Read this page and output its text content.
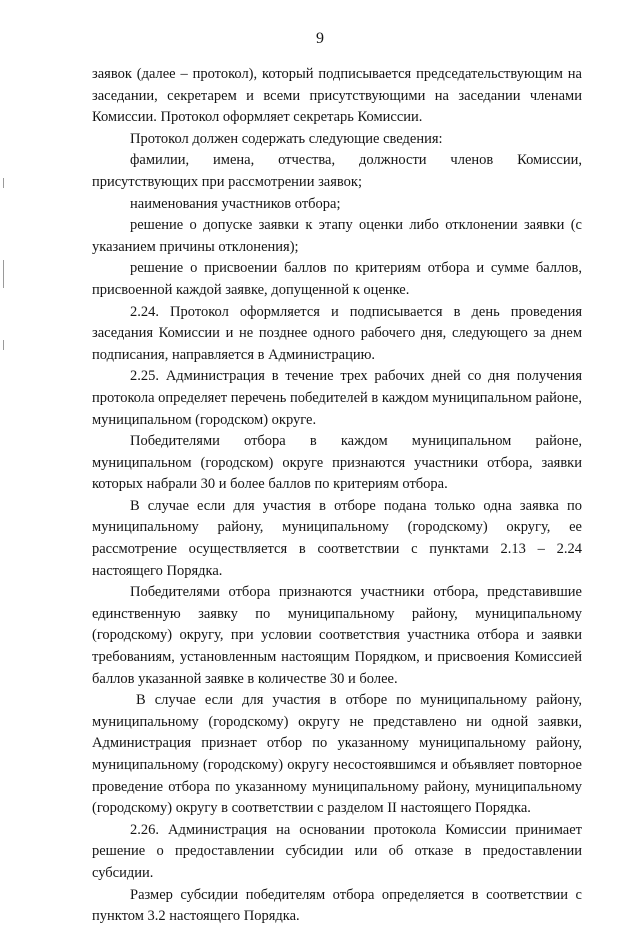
9

заявок (далее – протокол), который подписывается председательствующим на заседании, секретарем и всеми присутствующими на заседании членами Комиссии. Протокол оформляет секретарь Комиссии.

Протокол должен содержать следующие сведения:

фамилии, имена, отчества, должности членов Комиссии, присутствующих при рассмотрении заявок;

наименования участников отбора;

решение о допуске заявки к этапу оценки либо отклонении заявки (с указанием причины отклонения);

решение о присвоении баллов по критериям отбора и сумме баллов, присвоенной каждой заявке, допущенной к оценке.

2.24. Протокол оформляется и подписывается в день проведения заседания Комиссии и не позднее одного рабочего дня, следующего за днем подписания, направляется в Администрацию.

2.25. Администрация в течение трех рабочих дней со дня получения протокола определяет перечень победителей в каждом муниципальном районе, муниципальном (городском) округе.

Победителями отбора в каждом муниципальном районе, муниципальном (городском) округе признаются участники отбора, заявки которых набрали 30 и более баллов по критериям отбора.

В случае если для участия в отборе подана только одна заявка по муниципальному району, муниципальному (городскому) округу, ее рассмотрение осуществляется в соответствии с пунктами 2.13 – 2.24 настоящего Порядка.

Победителями отбора признаются участники отбора, представившие единственную заявку по муниципальному району, муниципальному (городскому) округу, при условии соответствия участника отбора и заявки требованиям, установленным настоящим Порядком, и присвоения Комиссией баллов указанной заявке в количестве 30 и более.

В случае если для участия в отборе по муниципальному району, муниципальному (городскому) округу не представлено ни одной заявки, Администрация признает отбор по указанному муниципальному району, муниципальному (городскому) округу несостоявшимся и объявляет повторное проведение отбора по указанному муниципальному району, муниципальному (городскому) округу в соответствии с разделом II настоящего Порядка.

2.26. Администрация на основании протокола Комиссии принимает решение о предоставлении субсидии или об отказе в предоставлении субсидии.

Размер субсидии победителям отбора определяется в соответствии с пунктом 3.2 настоящего Порядка.
